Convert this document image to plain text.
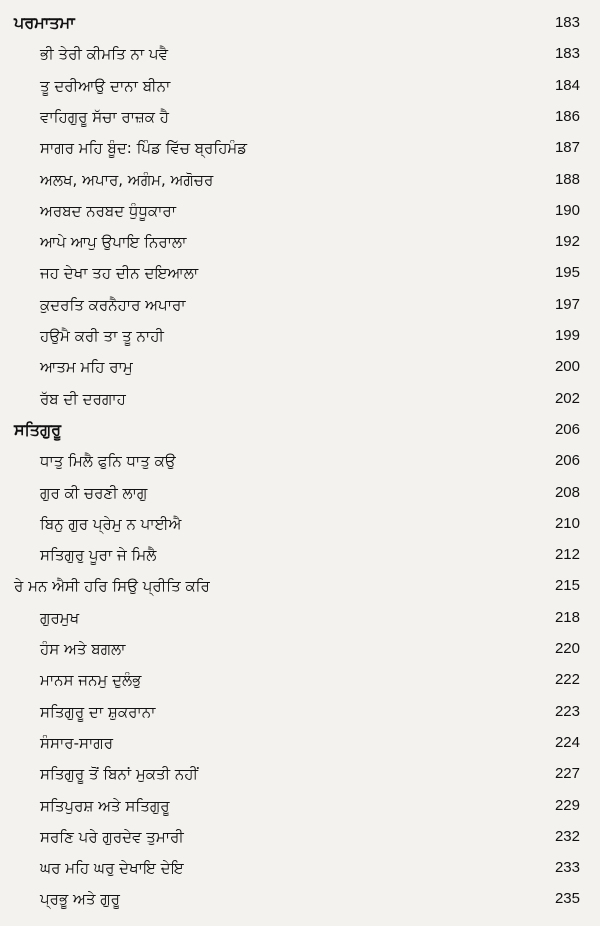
ਪਰਮਾਤਮਾ	183
ਭੀ ਤੇਰੀ ਕੀਮਤਿ ਨਾ ਪਵੈ	183
ਤੂ ਦਰੀਆਉ ਦਾਨਾ ਬੀਨਾ	184
ਵਾਹਿਗੁਰੂ ਸੱਚਾ ਰਾਜ਼ਕ ਹੈ	186
ਸਾਗਰ ਮਹਿ ਬੂੰਦ: ਪਿੰਡ ਵਿੱਚ ਬ੍ਰਹਿਮੰਡ	187
ਅਲਖ, ਅਪਾਰ, ਅਗੰਮ, ਅਗੋਚਰ	188
ਅਰਬਦ ਨਰਬਦ ਧੁੰਧੂਕਾਰਾ	190
ਆਪੇ ਆਪੁ ਉਪਾਇ ਨਿਰਾਲਾ	192
ਜਹ ਦੇਖਾ ਤਹ ਦੀਨ ਦਇਆਲਾ	195
ਕੁਦਰਤਿ ਕਰਨੈਹਾਰ ਅਪਾਰਾ	197
ਹਉਮੈ ਕਰੀ ਤਾ ਤੂ ਨਾਹੀ	199
ਆਤਮ ਮਹਿ ਰਾਮੁ	200
ਰੱਬ ਦੀ ਦਰਗਾਹ	202
ਸਤਿਗੁਰੂ	206
ਧਾਤੁ ਮਿਲੈ ਫੁਨਿ ਧਾਤੁ ਕਉ	206
ਗੁਰ ਕੀ ਚਰਣੀ ਲਾਗੁ	208
ਬਿਨੁ ਗੁਰ ਪ੍ਰੇਮੁ ਨ ਪਾਈਐ	210
ਸਤਿਗੁਰੁ ਪੂਰਾ ਜੇ ਮਿਲੈ	212
ਰੇ ਮਨ ਐਸੀ ਹਰਿ ਸਿਉ ਪ੍ਰੀਤਿ ਕਰਿ	215
ਗੁਰਮੁਖ	218
ਹੰਸ ਅਤੇ ਬਗਲਾ	220
ਮਾਨਸ ਜਨਮੁ ਦੁਲੰਭੁ	222
ਸਤਿਗੁਰੂ ਦਾ ਸ਼ੁਕਰਾਨਾ	223
ਸੰਸਾਰ-ਸਾਗਰ	224
ਸਤਿਗੁਰੂ ਤੋਂ ਬਿਨਾਂ ਮੁਕਤੀ ਨਹੀਂ	227
ਸਤਿਪੁਰਸ਼ ਅਤੇ ਸਤਿਗੁਰੂ	229
ਸਰਣਿ ਪਰੇ ਗੁਰਦੇਵ ਤੁਮਾਰੀ	232
ਘਰ ਮਹਿ ਘਰੁ ਦੇਖਾਇ ਦੇਇ	233
ਪ੍ਰਭੂ ਅਤੇ ਗੁਰੂ	235
